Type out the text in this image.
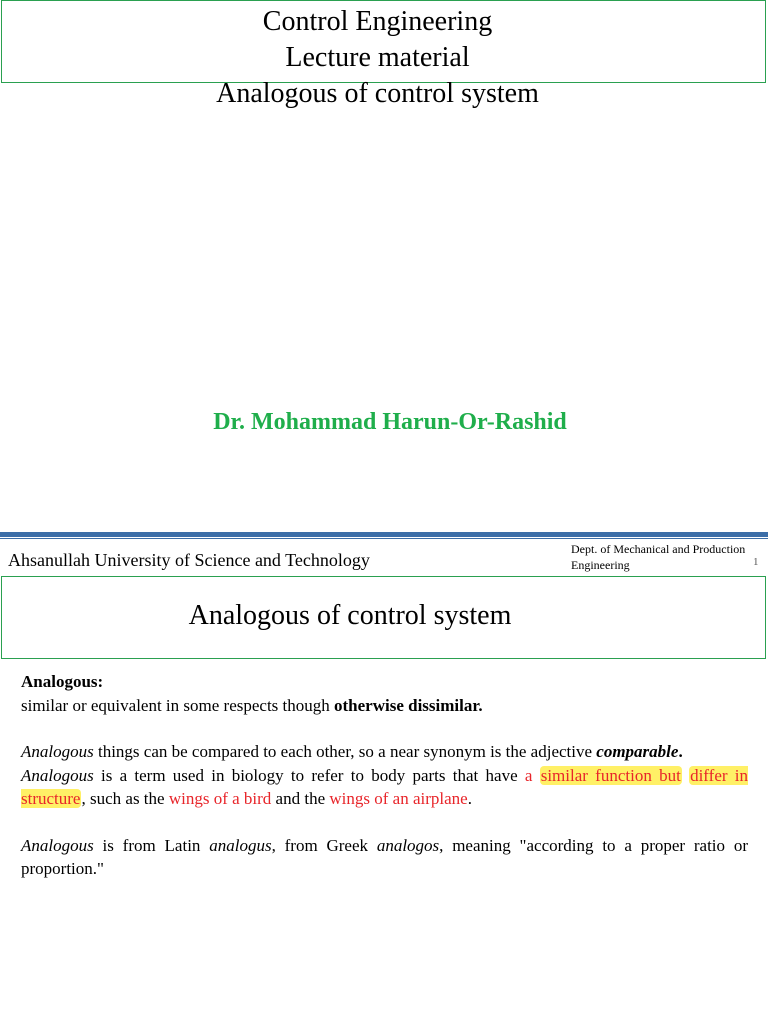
Control Engineering
Lecture material
Analogous of control system
Dr. Mohammad Harun-Or-Rashid
Ahsanullah University of Science and Technology
Dept. of Mechanical and Production
Engineering	1
Analogous of control system

Analogous:

similar or equivalent in some respects though otherwise dissimilar.

Analogous things can be compared to each other, so a near synonym is the adjective comparable.

Analogous is a term used in biology to refer to body parts that have a similar function but differ in structure, such as the wings of a bird and the wings of an airplane.

Analogous is from Latin analogus, from Greek analogos, meaning "according to a proper ratio or proportion."
